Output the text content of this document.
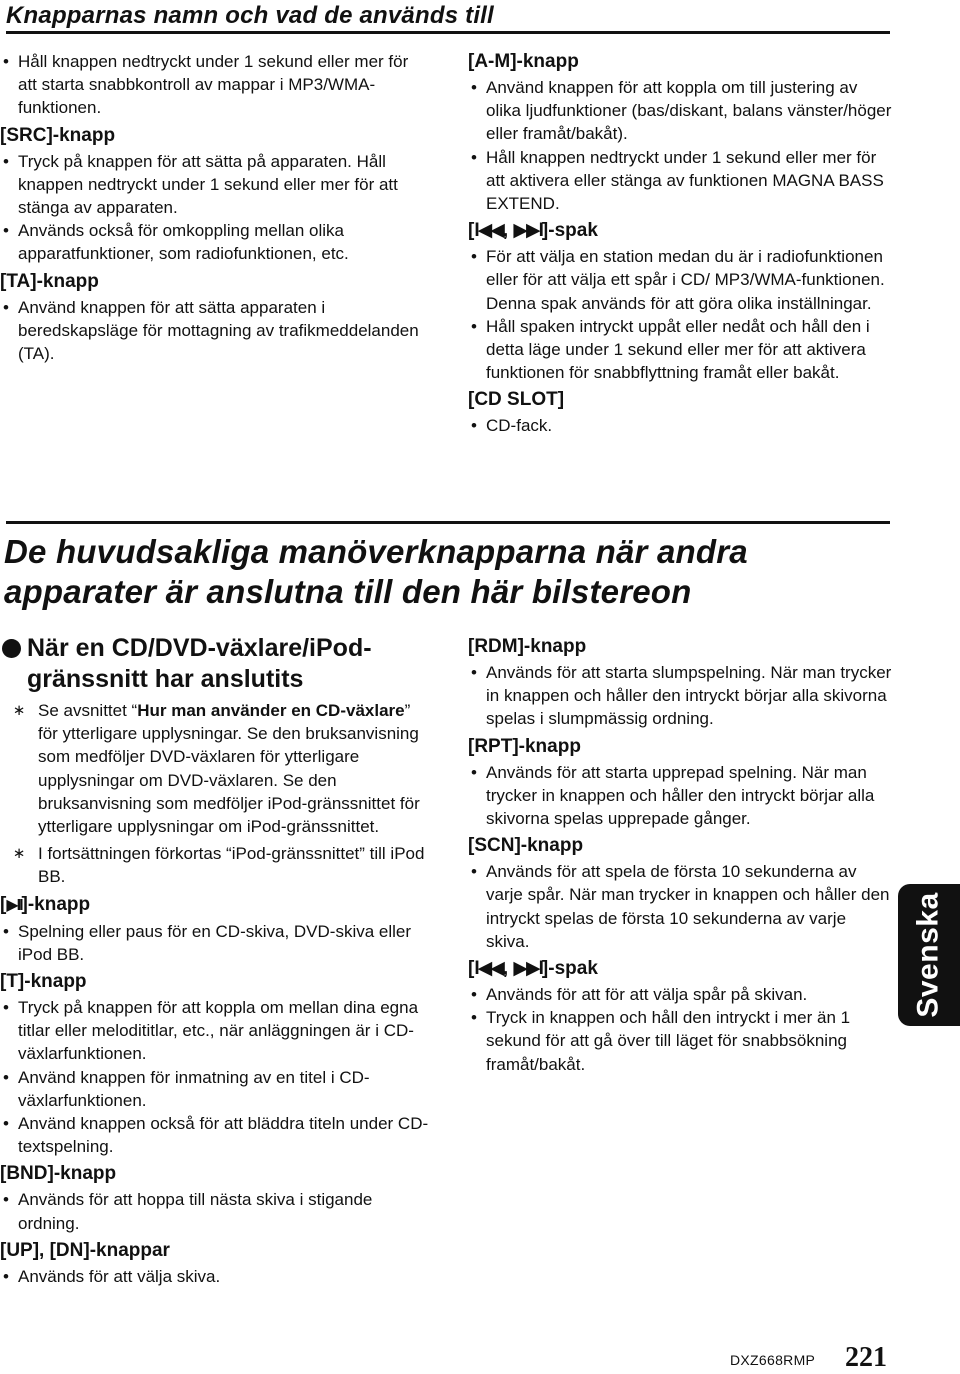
Knapparnas namn och vad de används till
• Håll knappen nedtryckt under 1 sekund eller mer för att starta snabbkontroll av mappar i MP3/WMA-funktionen.
[SRC]-knapp
• Tryck på knappen för att sätta på apparaten. Håll knappen nedtryckt under 1 sekund eller mer för att stänga av apparaten.
• Används också för omkoppling mellan olika apparatfunktioner, som radiofunktionen, etc.
[TA]-knapp
• Använd knappen för att sätta apparaten i beredskapsläge för mottagning av trafikmeddelanden (TA).
[A-M]-knapp
• Använd knappen för att koppla om till justering av olika ljudfunktioner (bas/diskant, balans vänster/höger eller framåt/bakåt).
• Håll knappen nedtryckt under 1 sekund eller mer för att aktivera eller stänga av funktionen MAGNA BASS EXTEND.
[I◀◀, ▶▶I]-spak
• För att välja en station medan du är i radiofunktionen eller för att välja ett spår i CD/ MP3/WMA-funktionen. Denna spak används för att göra olika inställningar.
• Håll spaken intryckt uppåt eller nedåt och håll den i detta läge under 1 sekund eller mer för att aktivera funktionen för snabbflyttning framåt eller bakåt.
[CD SLOT]
• CD-fack.
De huvudsakliga manöverknapparna när andra
apparater är anslutna till den här bilstereon
När en CD/DVD-växlare/iPod-gränssnitt har anslutits
∗ Se avsnittet “Hur man använder en CD-växlare” för ytterligare upplysningar. Se den bruksanvisning som medföljer DVD-växlaren för ytterligare upplysningar om DVD-växlaren. Se den bruksanvisning som medföljer iPod-gränssnittet för ytterligare upplysningar om iPod-gränssnittet.
∗ I fortsättningen förkortas “iPod-gränssnittet” till iPod BB.
[▶II]-knapp
• Spelning eller paus för en CD-skiva, DVD-skiva eller iPod BB.
[T]-knapp
• Tryck på knappen för att koppla om mellan dina egna titlar eller melodititlar, etc., när anläggningen är i CD-växlarfunktionen.
• Använd knappen för inmatning av en titel i CD-växlarfunktionen.
• Använd knappen också för att bläddra titeln under CD-textspelning.
[BND]-knapp
• Används för att hoppa till nästa skiva i stigande ordning.
[UP], [DN]-knappar
• Används för att välja skiva.
[RDM]-knapp
• Används för att starta slumpspelning. När man trycker in knappen och håller den intryckt börjar alla skivorna spelas i slumpmässig ordning.
[RPT]-knapp
• Används för att starta upprepad spelning. När man trycker in knappen och håller den intryckt börjar alla skivorna spelas upprepade gånger.
[SCN]-knapp
• Används för att spela de första 10 sekunderna av varje spår. När man trycker in knappen och håller den intryckt spelas de första 10 sekunderna av varje skiva.
[I◀◀, ▶▶I]-spak
• Används för att för att välja spår på skivan.
• Tryck in knappen och håll den intryckt i mer än 1 sekund för att gå över till läget för snabbsökning framåt/bakåt.
Svenska
DXZ668RMP 221
